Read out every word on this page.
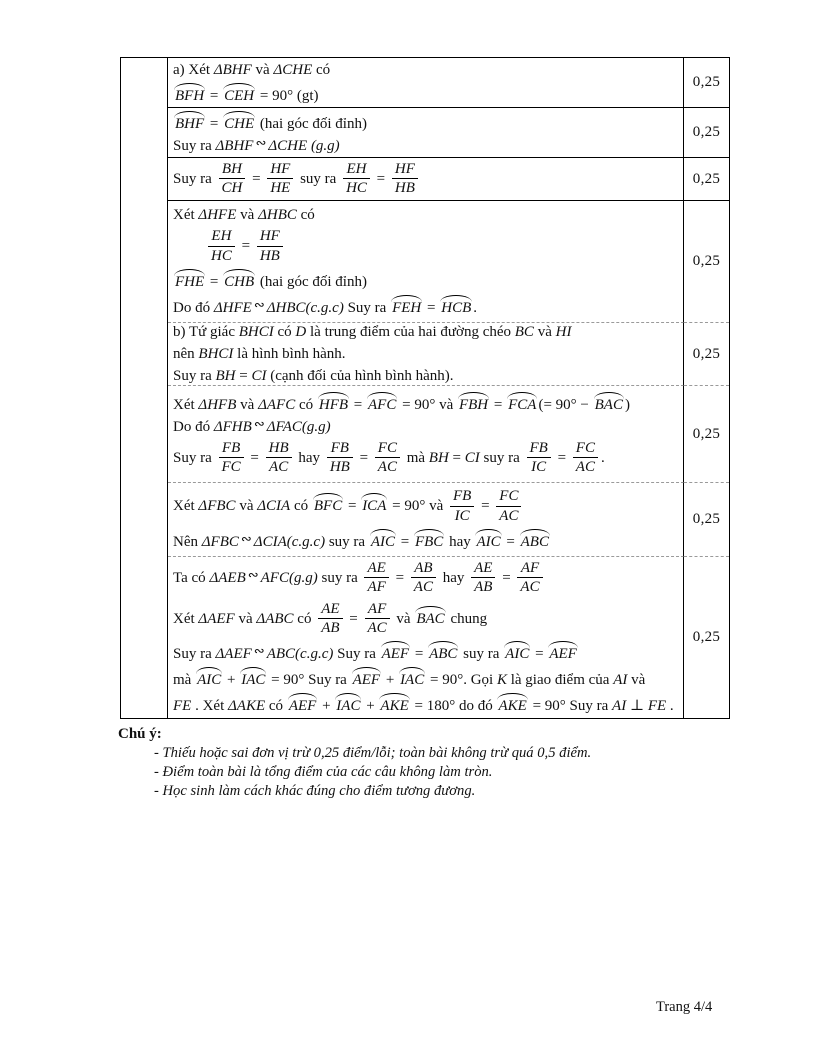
a) Xét ΔBHF và ΔCHE có
BFH = CEH = 90° (gt)
0,25
BHF = CHE (hai góc đối đỉnh)
Suy ra ΔBHF ∾ ΔCHE (g.g)
0,25
Suy ra $\frac{BH}{CH} = \frac{HF}{HE}$ suy ra $\frac{EH}{HC} = \frac{HF}{HB}$	0,25
Xét ΔHFE và ΔHBC có
$\frac{EH}{HC} = \frac{HF}{HB}$
FHE = CHB (hai góc đối đỉnh)
Do đó ΔHFE ∾ ΔHBC(c.g.c) Suy ra FEH = HCB .
0,25
b) Tứ giác BHCI có D là trung điểm của hai đường chéo BC và HI
nên BHCI là hình bình hành.
Suy ra BH = CI (cạnh đối của hình bình hành).
0,25
Xét ΔHFB và ΔAFC có HFB = AFC = 90° và FBH = FCA (= 90° − BAC )
Do đó ΔFHB ∾ ΔFAC(g.g)
Suy ra $\frac{FB}{FC} = \frac{HB}{AC}$ hay $\frac{FB}{HB} = \frac{FC}{AC}$ mà BH = CI suy ra $\frac{FB}{IC} = \frac{FC}{AC}$ .
0,25
Xét ΔFBC và ΔCIA có BFC = ICA = 90° và $\frac{FB}{IC} = \frac{FC}{AC}$
Nên ΔFBC ∾ ΔCIA(c.g.c) suy ra AIC = FBC hay AIC = ABC
0,25
Ta có ΔAEB ∾ AFC(g.g) suy ra $\frac{AE}{AF} = \frac{AB}{AC}$ hay $\frac{AE}{AB} = \frac{AF}{AC}$
Xét ΔAEF và ΔABC có $\frac{AE}{AB} = \frac{AF}{AC}$ và BAC chung
Suy ra ΔAEF ∾ ABC(c.g.c) Suy ra AEF = ABC suy ra AIC = AEF
mà AIC + IAC = 90° Suy ra AEF + IAC = 90°. Gọi K là giao điểm của AI và
FE . Xét ΔAKE có AEF + IAC + AKE = 180° do đó AKE = 90° Suy ra AI ⊥ FE .
0,25
Chú ý:
- Thiếu hoặc sai đơn vị trừ 0,25 điểm/lỗi; toàn bài không trừ quá 0,5 điểm.
- Điểm toàn bài là tổng điểm của các câu không làm tròn.
- Học sinh làm cách khác đúng cho điểm tương đương.
Trang 4/4
